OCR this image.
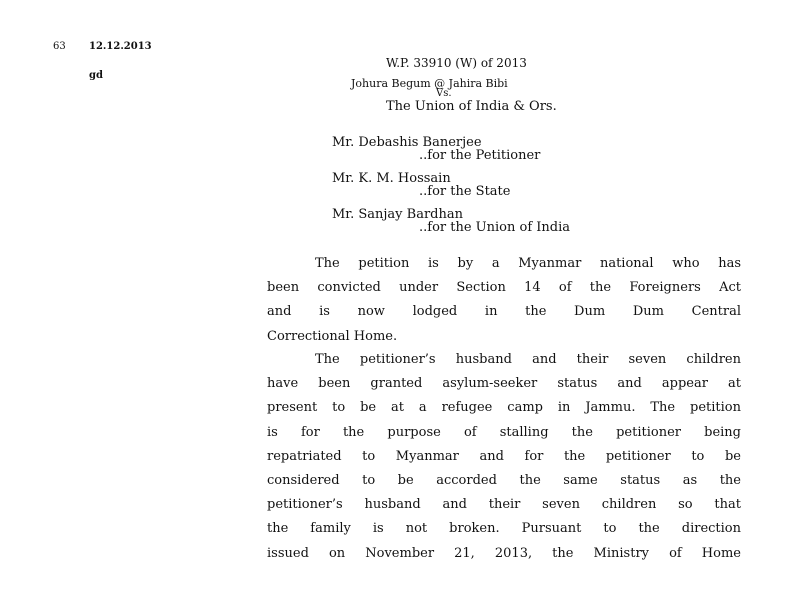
63 12.12.2013
gd
W.P. 33910 (W) of 2013
Johura Begum @ Jahira Bibi
Vs.
The Union of India & Ors.
Mr. Debashis Banerjee
..for the Petitioner
Mr. K. M. Hossain
..for the State
Mr. Sanjay Bardhan
..for the Union of India
The petition is by a Myanmar national who has
been convicted under Section 14 of the Foreigners Act
and is now lodged in the Dum Dum Central
Correctional Home.
The petitioner’s husband and their seven children
have been granted asylum-seeker status and appear at
present to be at a refugee camp in Jammu. The petition
is for the purpose of stalling the petitioner being
repatriated to Myanmar and for the petitioner to be
considered to be accorded the same status as the
petitioner’s husband and their seven children so that
the family is not broken. Pursuant to the direction
issued on November 21, 2013, the Ministry of Home
